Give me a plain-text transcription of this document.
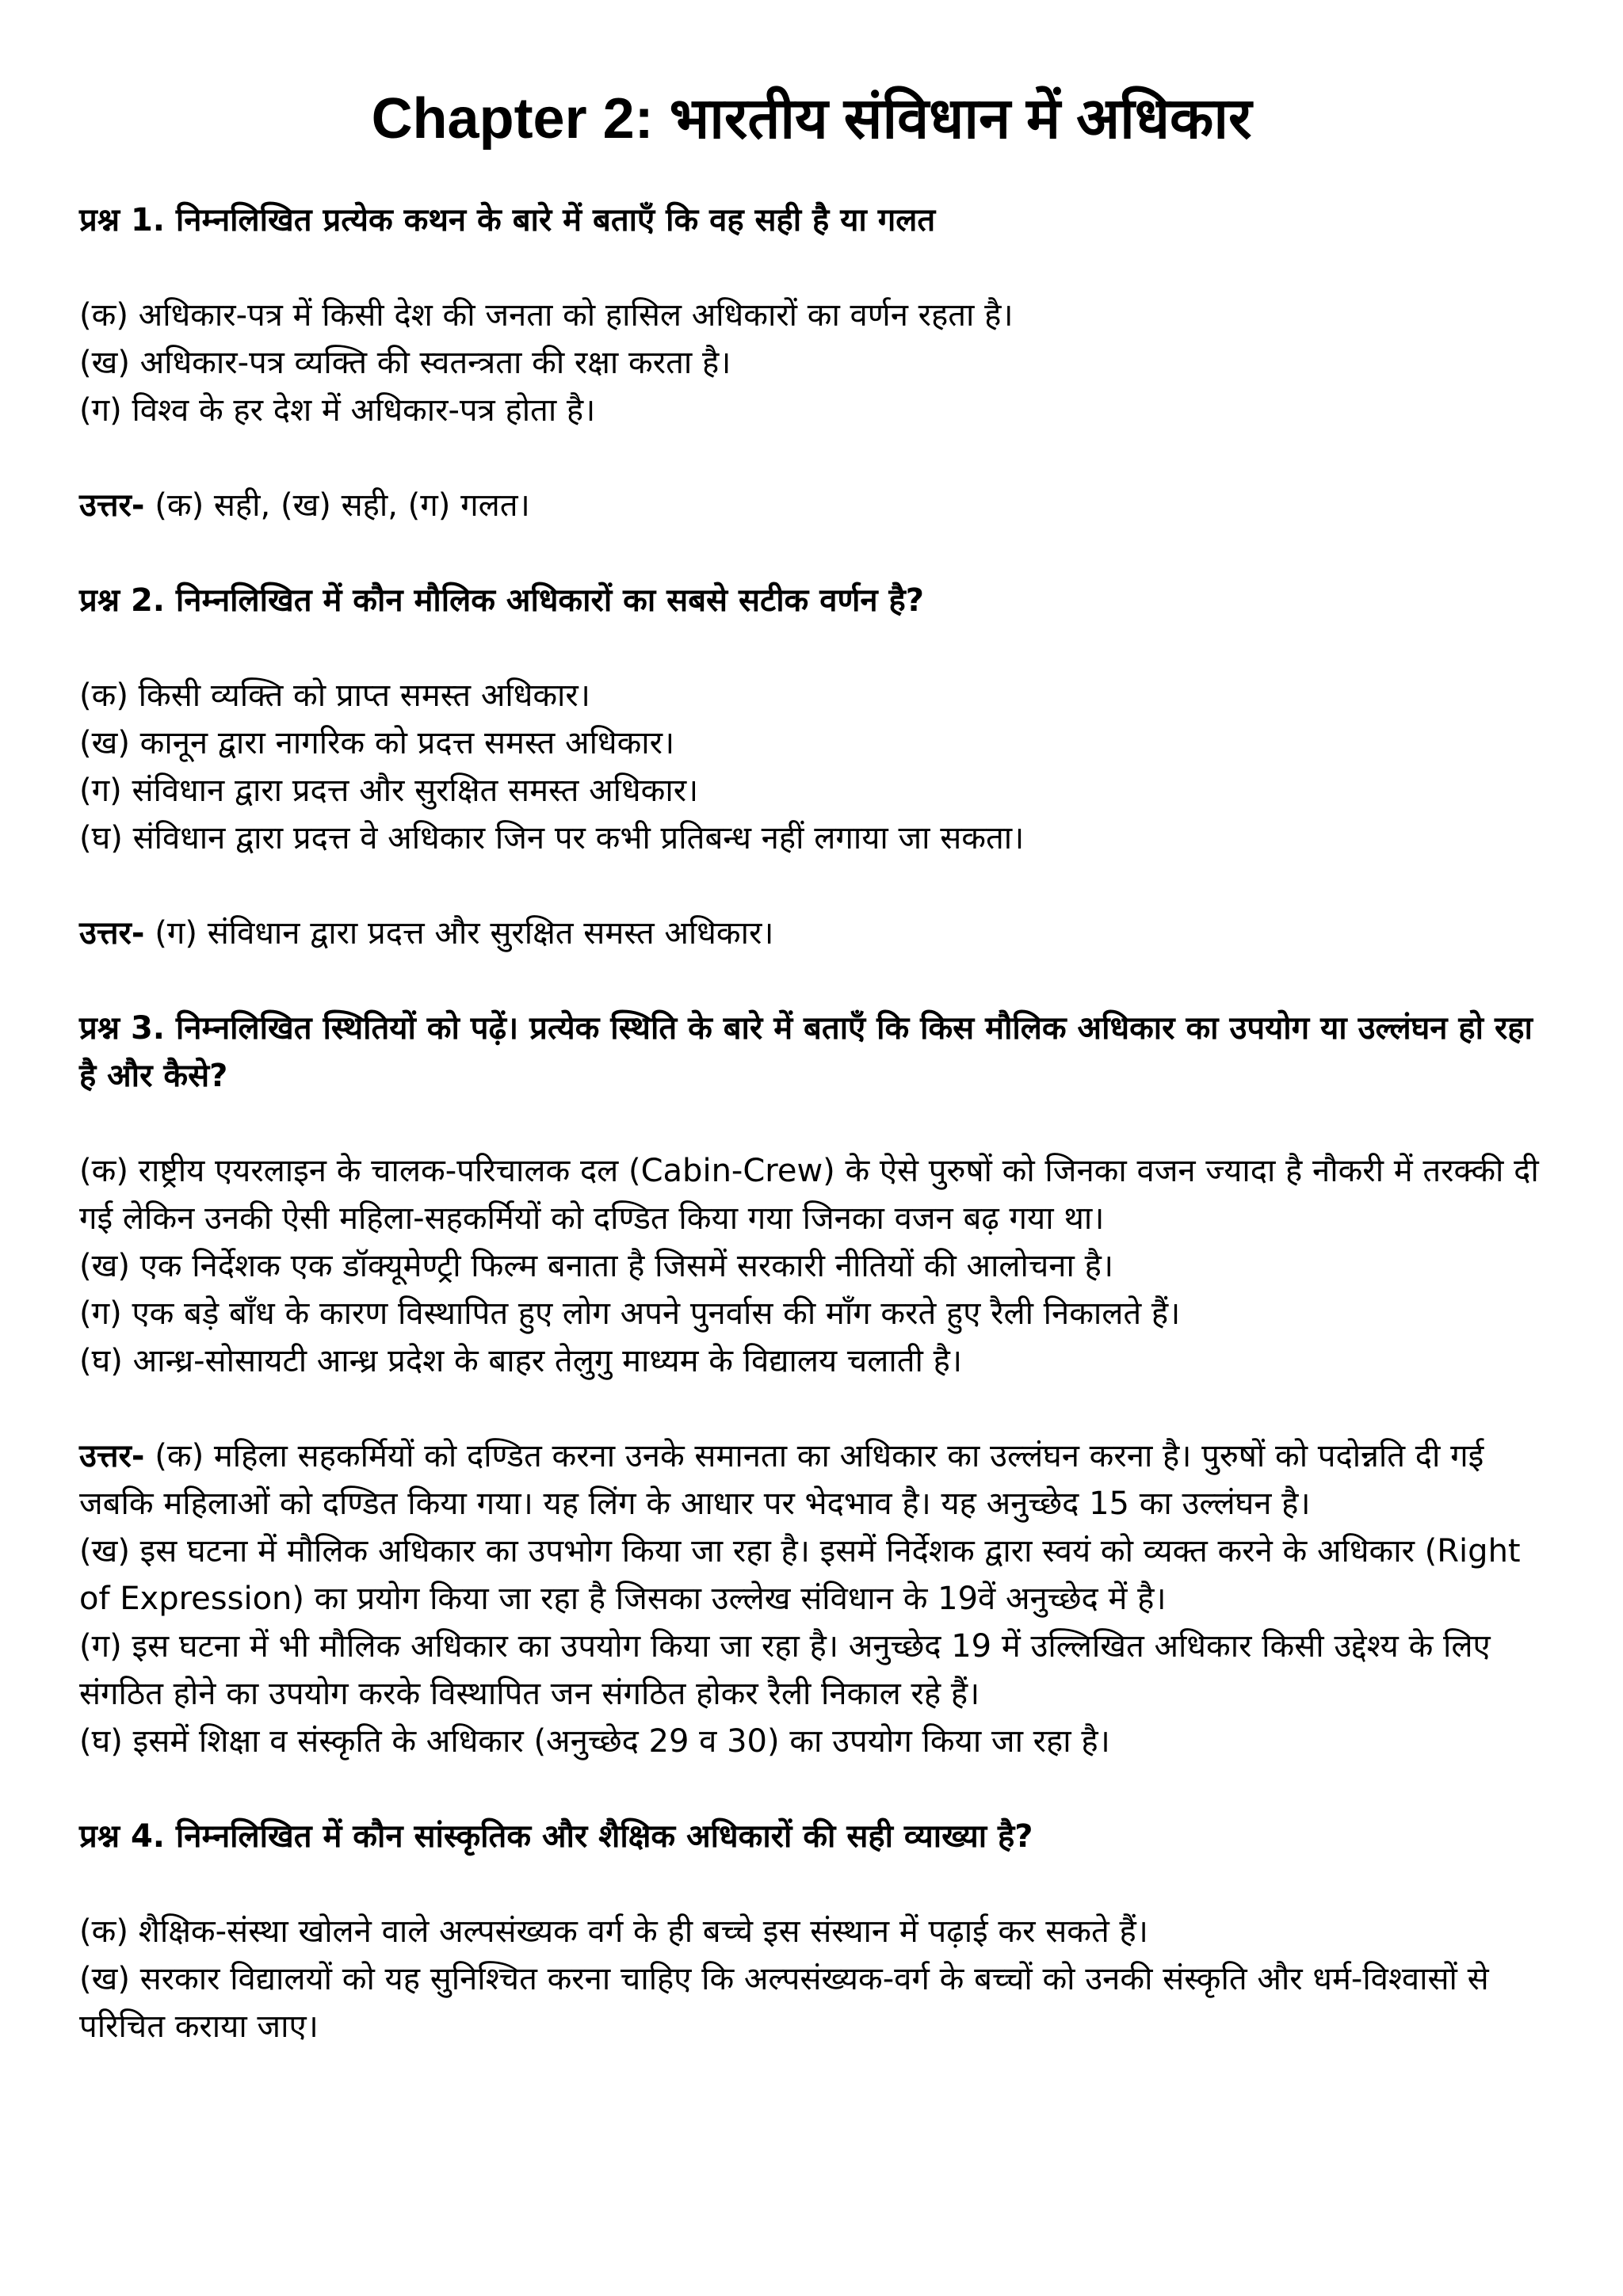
Chapter 2: भारतीय संविधान में अधिकार

प्रश्न 1. निम्नलिखित प्रत्येक कथन के बारे में बताएँ कि वह सही है या गलत

(क) अधिकार-पत्र में किसी देश की जनता को हासिल अधिकारों का वर्णन रहता है।

(ख) अधिकार-पत्र व्यक्ति की स्वतन्त्रता की रक्षा करता है।

(ग) विश्व के हर देश में अधिकार-पत्र होता है।

उत्तर- (क) सही, (ख) सही, (ग) गलत।

प्रश्न 2. निम्नलिखित में कौन मौलिक अधिकारों का सबसे सटीक वर्णन है?

(क) किसी व्यक्ति को प्राप्त समस्त अधिकार।

(ख) कानून द्वारा नागरिक को प्रदत्त समस्त अधिकार।

(ग) संविधान द्वारा प्रदत्त और सुरक्षित समस्त अधिकार।

(घ) संविधान द्वारा प्रदत्त वे अधिकार जिन पर कभी प्रतिबन्ध नहीं लगाया जा सकता।

उत्तर- (ग) संविधान द्वारा प्रदत्त और सुरक्षित समस्त अधिकार।

प्रश्न 3. निम्नलिखित स्थितियों को पढ़ें। प्रत्येक स्थिति के बारे में बताएँ कि किस मौलिक अधिकार का उपयोग या उल्लंघन हो रहा है और कैसे?

(क) राष्ट्रीय एयरलाइन के चालक-परिचालक दल (Cabin-Crew) के ऐसे पुरुषों को जिनका वजन ज्यादा है नौकरी में तरक्की दी गई लेकिन उनकी ऐसी महिला-सहकर्मियों को दण्डित किया गया जिनका वजन बढ़ गया था।

(ख) एक निर्देशक एक डॉक्यूमेण्ट्री फिल्म बनाता है जिसमें सरकारी नीतियों की आलोचना है।

(ग) एक बड़े बाँध के कारण विस्थापित हुए लोग अपने पुनर्वास की माँग करते हुए रैली निकालते हैं।

(घ) आन्ध्र-सोसायटी आन्ध्र प्रदेश के बाहर तेलुगु माध्यम के विद्यालय चलाती है।

उत्तर- (क) महिला सहकर्मियों को दण्डित करना उनके समानता का अधिकार का उल्लंघन करना है। पुरुषों को पदोन्नति दी गई जबकि महिलाओं को दण्डित किया गया। यह लिंग के आधार पर भेदभाव है। यह अनुच्छेद 15 का उल्लंघन है।

(ख) इस घटना में मौलिक अधिकार का उपभोग किया जा रहा है। इसमें निर्देशक द्वारा स्वयं को व्यक्त करने के अधिकार (Right of Expression) का प्रयोग किया जा रहा है जिसका उल्लेख संविधान के 19वें अनुच्छेद में है।

(ग) इस घटना में भी मौलिक अधिकार का उपयोग किया जा रहा है। अनुच्छेद 19 में उल्लिखित अधिकार किसी उद्देश्य के लिए संगठित होने का उपयोग करके विस्थापित जन संगठित होकर रैली निकाल रहे हैं।

(घ) इसमें शिक्षा व संस्कृति के अधिकार (अनुच्छेद 29 व 30) का उपयोग किया जा रहा है।

प्रश्न 4. निम्नलिखित में कौन सांस्कृतिक और शैक्षिक अधिकारों की सही व्याख्या है?

(क) शैक्षिक-संस्था खोलने वाले अल्पसंख्यक वर्ग के ही बच्चे इस संस्थान में पढ़ाई कर सकते हैं।

(ख) सरकार विद्यालयों को यह सुनिश्चित करना चाहिए कि अल्पसंख्यक-वर्ग के बच्चों को उनकी संस्कृति और धर्म-विश्वासों से परिचित कराया जाए।
